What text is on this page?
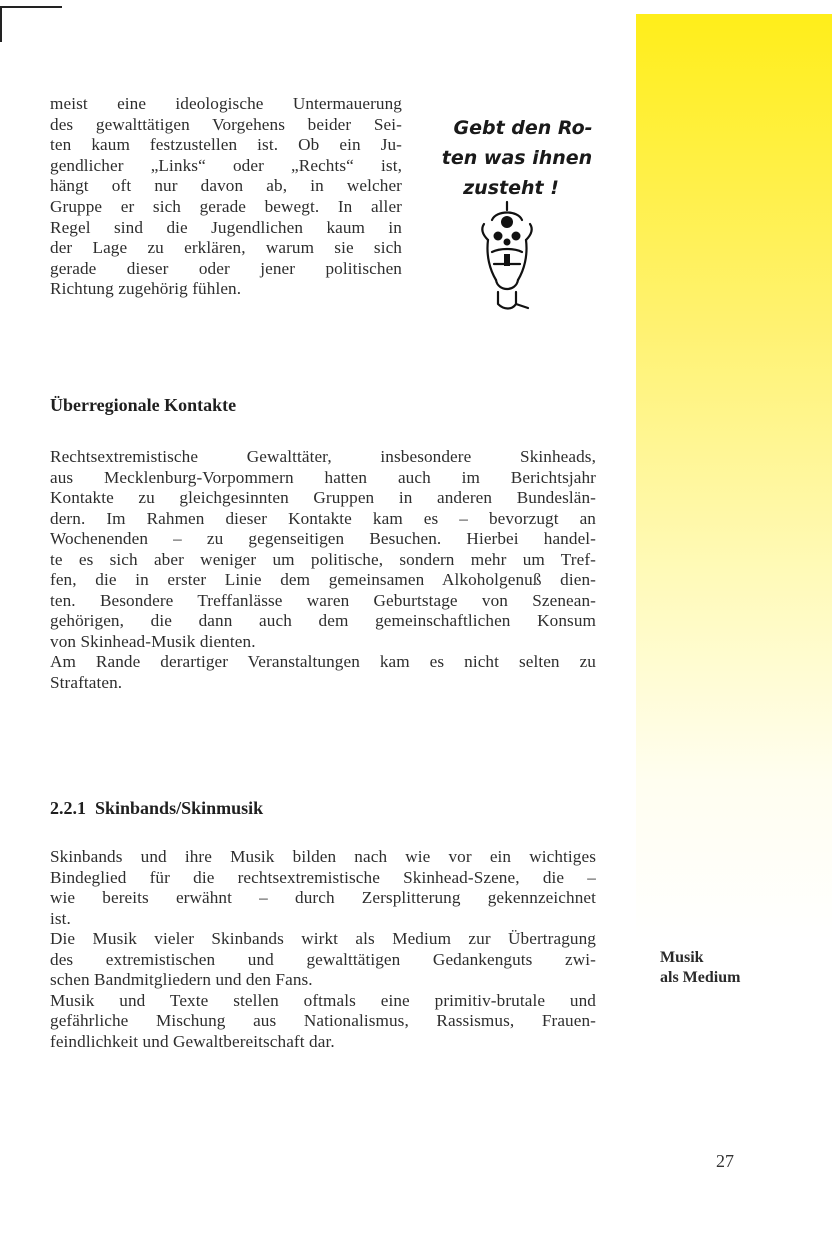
meist eine ideologische Untermauerung
des gewalttätigen Vorgehens beider Sei-
ten kaum festzustellen ist. Ob ein Ju-
gendlicher „Links“ oder „Rechts“ ist,
hängt oft nur davon ab, in welcher
Gruppe er sich gerade bewegt. In aller
Regel sind die Jugendlichen kaum in
der Lage zu erklären, warum sie sich
gerade dieser oder jener politischen
Richtung zugehörig fühlen.
Gebt den Ro-
ten was ihnen
zusteht !
Überregionale Kontakte
Rechtsextremistische Gewalttäter, insbesondere Skinheads,
aus Mecklenburg-Vorpommern hatten auch im Berichtsjahr
Kontakte zu gleichgesinnten Gruppen in anderen Bundeslän-
dern. Im Rahmen dieser Kontakte kam es – bevorzugt an
Wochenenden – zu gegenseitigen Besuchen. Hierbei handel-
te es sich aber weniger um politische, sondern mehr um Tref-
fen, die in erster Linie dem gemeinsamen Alkoholgenuß dien-
ten. Besondere Treffanlässe waren Geburtstage von Szenean-
gehörigen, die dann auch dem gemeinschaftlichen Konsum
von Skinhead-Musik dienten.
Am Rande derartiger Veranstaltungen kam es nicht selten zu
Straftaten.
2.2.1  Skinbands/Skinmusik
Skinbands und ihre Musik bilden nach wie vor ein wichtiges
Bindeglied für die rechtsextremistische Skinhead-Szene, die –
wie bereits erwähnt – durch Zersplitterung gekennzeichnet
ist.
Die Musik vieler Skinbands wirkt als Medium zur Übertragung
des extremistischen und gewalttätigen Gedankenguts zwi-
schen Bandmitgliedern und den Fans.
Musik und Texte stellen oftmals eine primitiv-brutale und
gefährliche Mischung aus Nationalismus, Rassismus, Frauen-
feindlichkeit und Gewaltbereitschaft dar.
Musik
als Medium
27
